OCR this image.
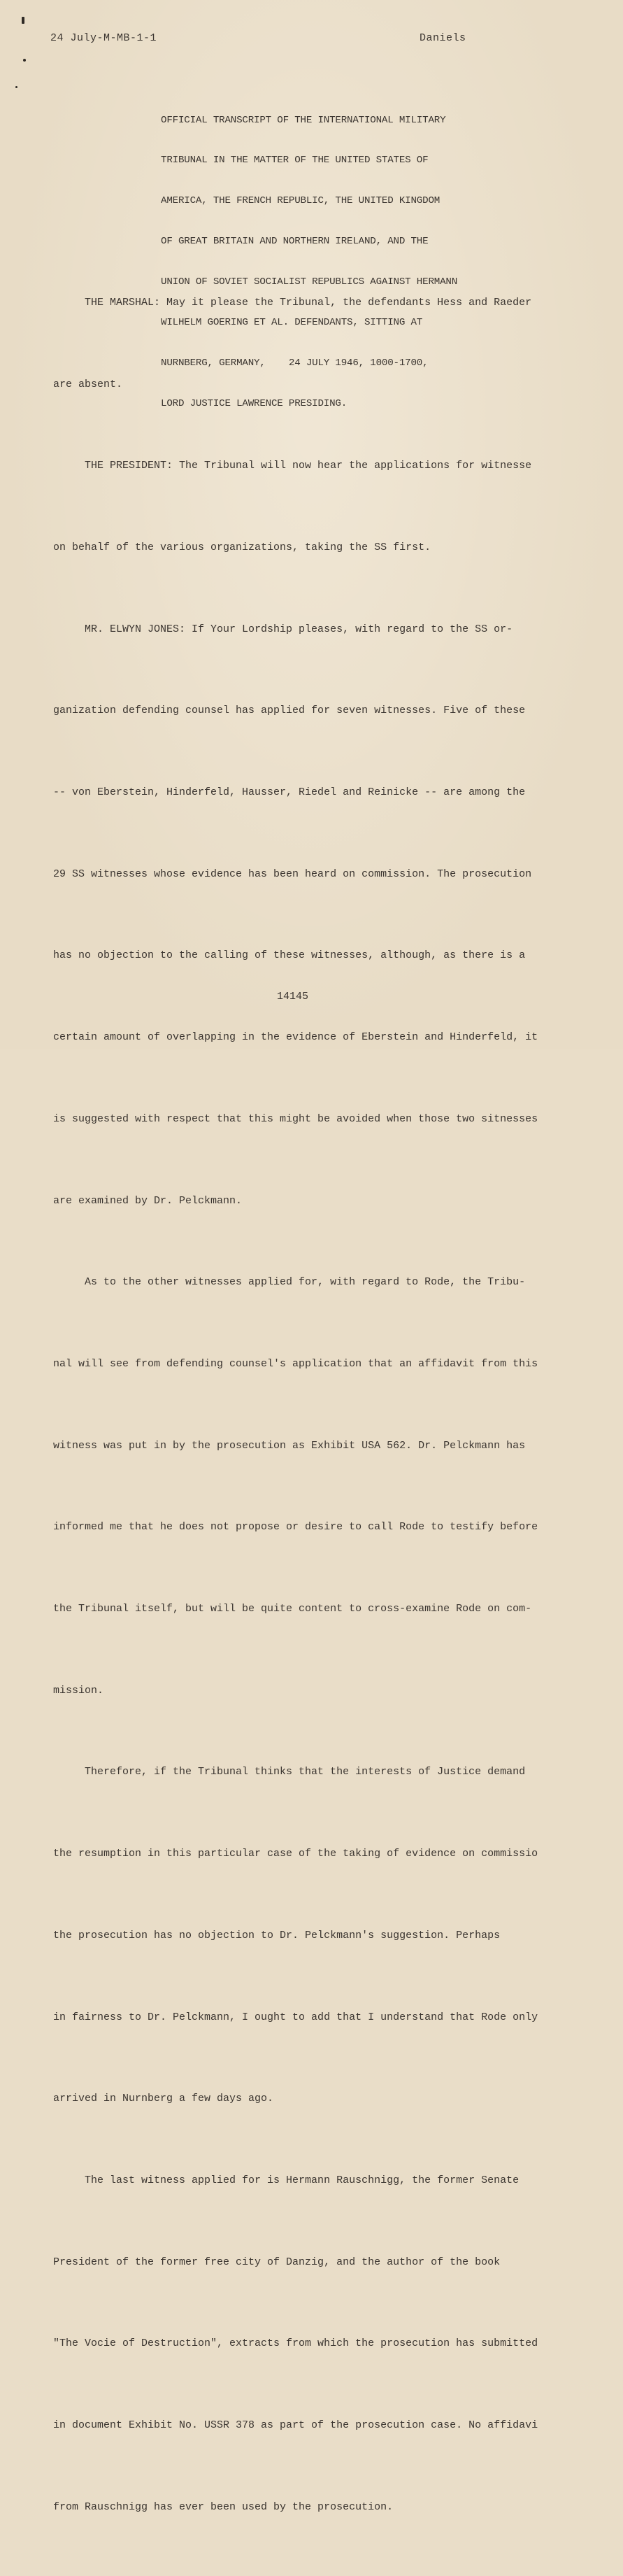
24 July-M-MB-1-1	Daniels

OFFICIAL TRANSCRIPT OF THE INTERNATIONAL MILITARY

TRIBUNAL IN THE MATTER OF THE UNITED STATES OF

AMERICA, THE FRENCH REPUBLIC, THE UNITED KINGDOM

OF GREAT BRITAIN AND NORTHERN IRELAND, AND THE

UNION OF SOVIET SOCIALIST REPUBLICS AGAINST HERMANN

WILHELM GOERING ET AL. DEFENDANTS, SITTING AT

NURNBERG, GERMANY,    24 JULY 1946, 1000-1700,

LORD JUSTICE LAWRENCE PRESIDING.

THE MARSHAL: May it please the Tribunal, the defendants Hess and Raeder

are absent.

THE PRESIDENT: The Tribunal will now hear the applications for witnesse

on behalf of the various organizations, taking the SS first.

MR. ELWYN JONES: If Your Lordship pleases, with regard to the SS or-

ganization defending counsel has applied for seven witnesses. Five of these

-- von Eberstein, Hinderfeld, Hausser, Riedel and Reinicke -- are among the

29 SS witnesses whose evidence has been heard on commission. The prosecution

has no objection to the calling of these witnesses, although, as there is a

certain amount of overlapping in the evidence of Eberstein and Hinderfeld, it

is suggested with respect that this might be avoided when those two sitnesses

are examined by Dr. Pelckmann.

As to the other witnesses applied for, with regard to Rode, the Tribu-

nal will see from defending counsel's application that an affidavit from this

witness was put in by the prosecution as Exhibit USA 562. Dr. Pelckmann has

informed me that he does not propose or desire to call Rode to testify before

the Tribunal itself, but will be quite content to cross-examine Rode on com-

mission.

Therefore, if the Tribunal thinks that the interests of Justice demand

the resumption in this particular case of the taking of evidence on commissio

the prosecution has no objection to Dr. Pelckmann's suggestion. Perhaps

in fairness to Dr. Pelckmann, I ought to add that I understand that Rode only

arrived in Nurnberg a few days ago.

The last witness applied for is Hermann Rauschnigg, the former Senate

President of the former free city of Danzig, and the author of the book

"The Vocie of Destruction", extracts from which the prosecution has submitted

in document Exhibit No. USSR 378 as part of the prosecution case. No affidavi

from Rauschnigg has ever been used by the prosecution.

14145
